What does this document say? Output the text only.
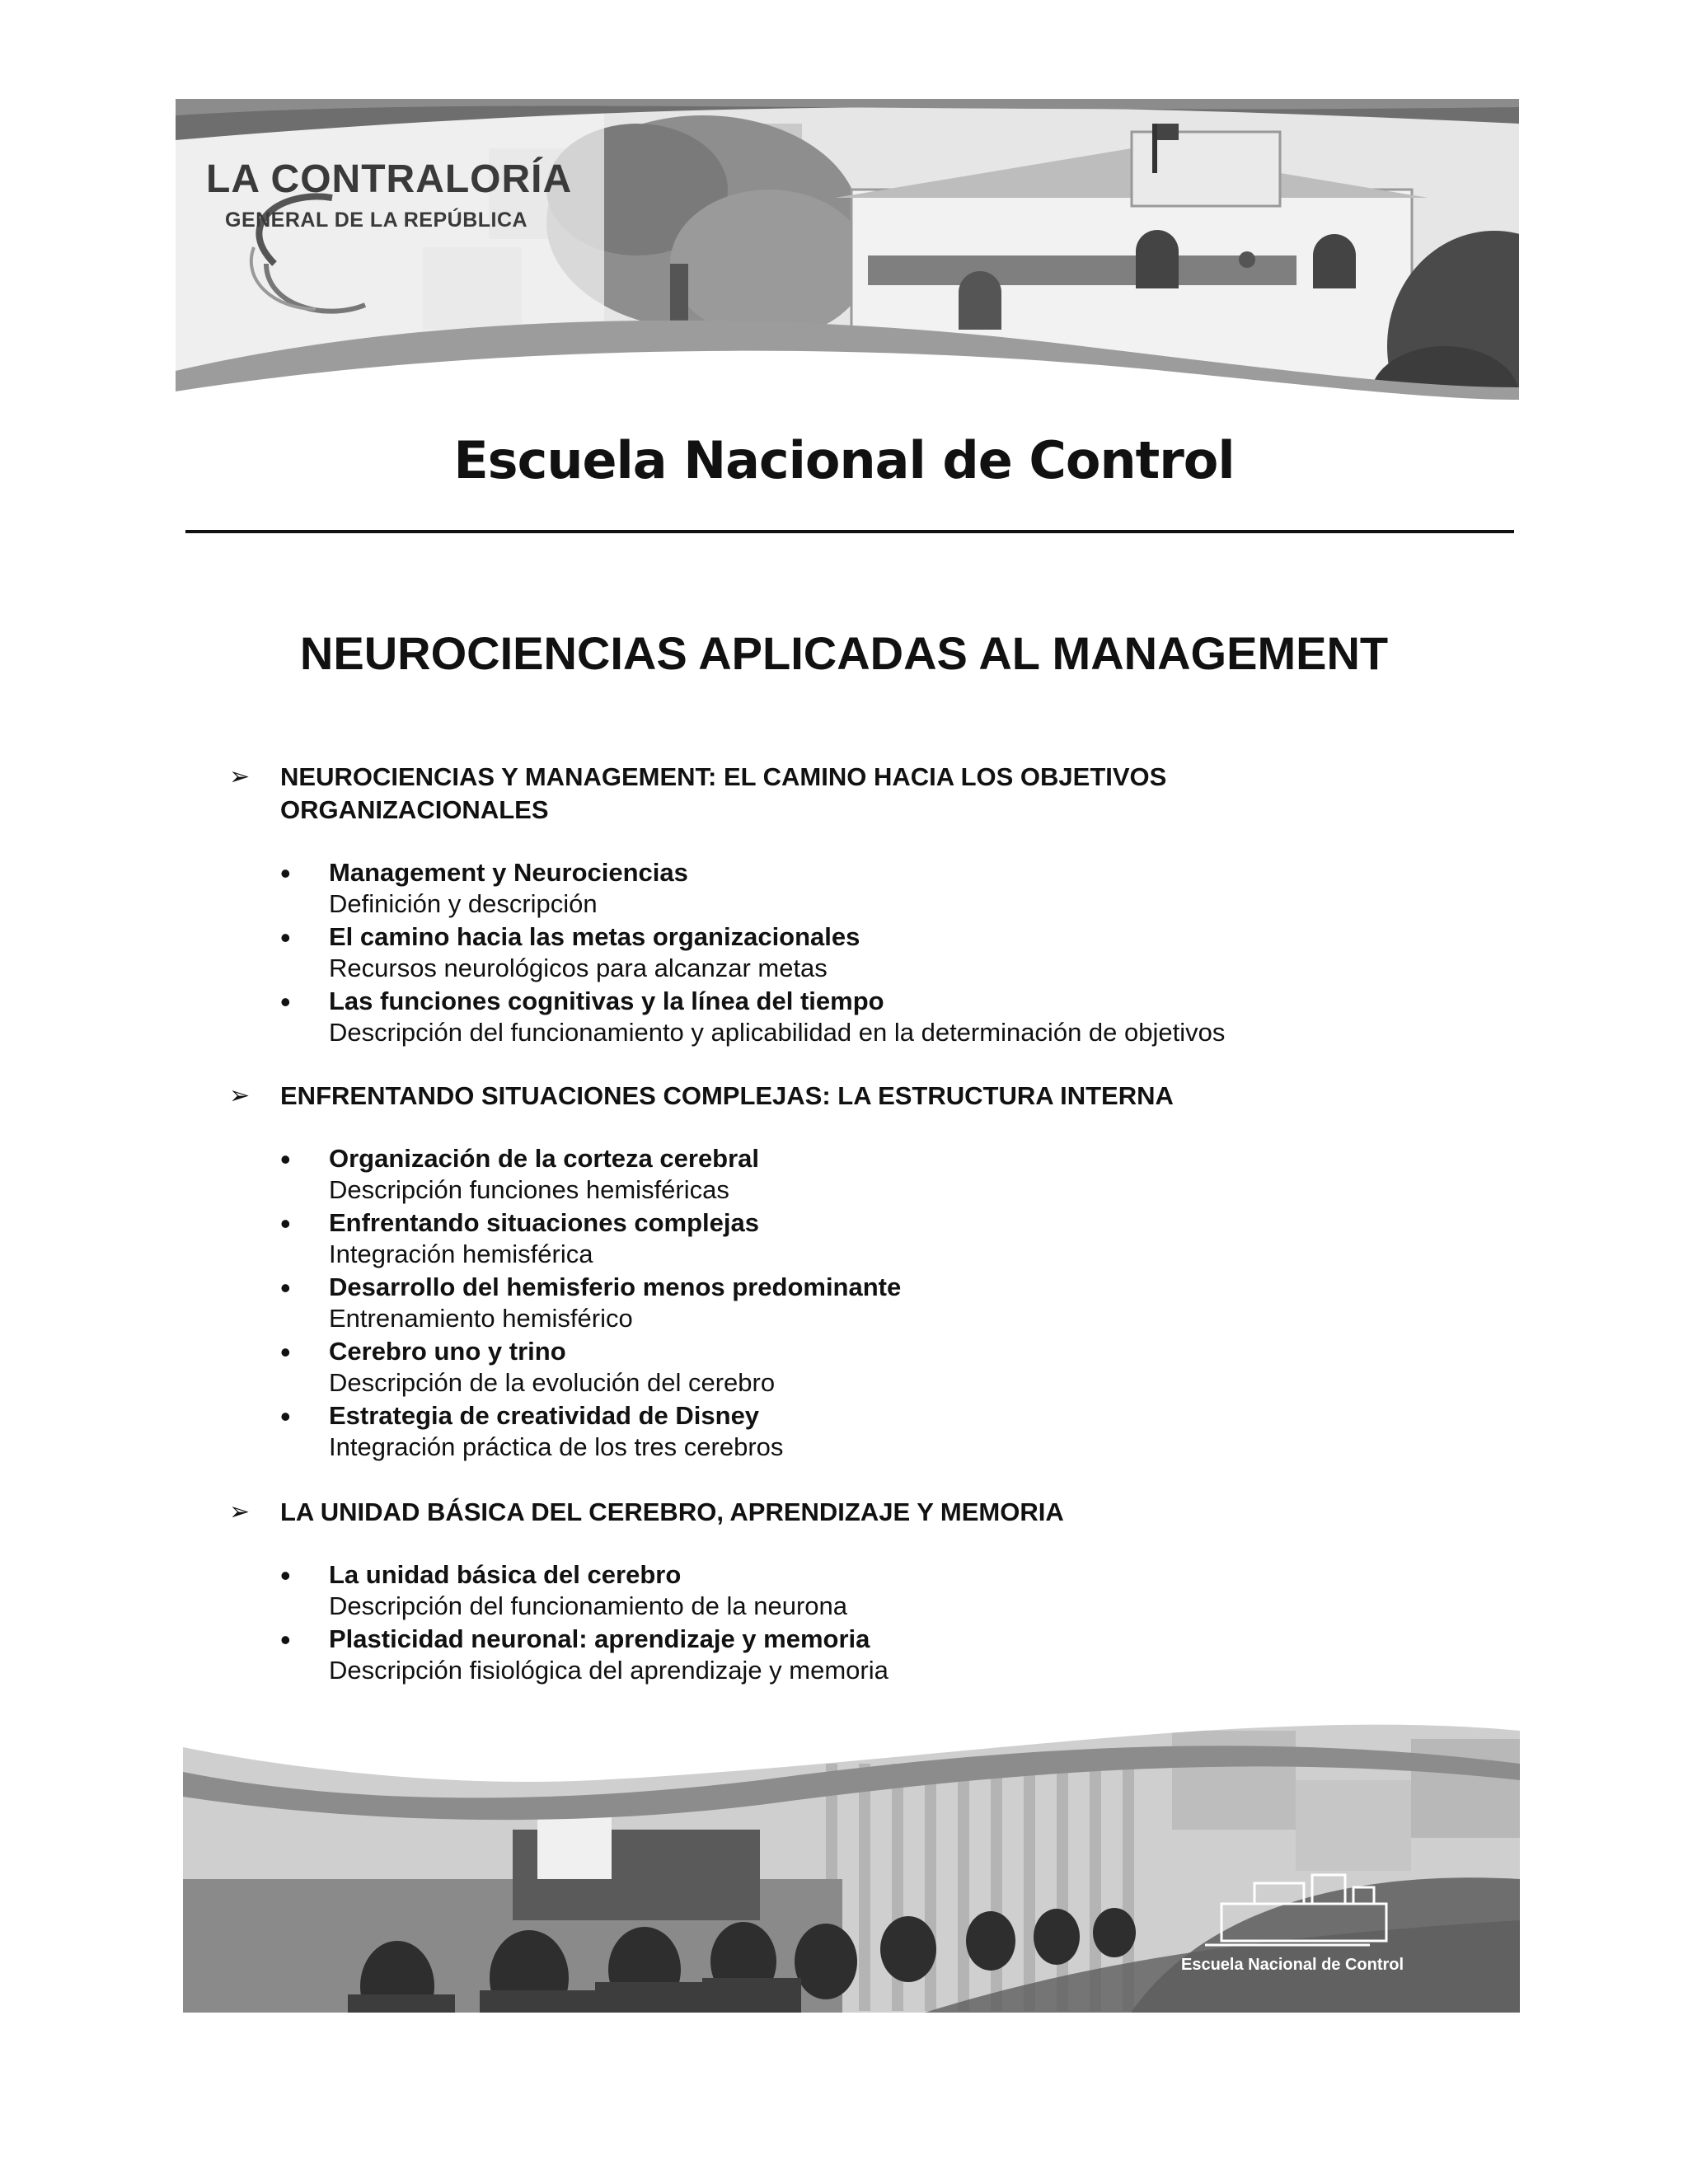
LA CONTRALORÍA
GENERAL DE LA REPÚBLICA
Escuela Nacional de Control
NEUROCIENCIAS APLICADAS AL MANAGEMENT
➢ NEUROCIENCIAS Y MANAGEMENT: EL CAMINO HACIA LOS OBJETIVOS
ORGANIZACIONALES
• Management y Neurociencias
Definición y descripción
• El camino hacia las metas organizacionales
Recursos neurológicos para alcanzar metas
• Las funciones cognitivas y la línea del tiempo
Descripción del funcionamiento y aplicabilidad en la determinación de objetivos
➢ ENFRENTANDO SITUACIONES COMPLEJAS: LA ESTRUCTURA INTERNA
• Organización de la corteza cerebral
Descripción funciones hemisféricas
• Enfrentando situaciones complejas
Integración hemisférica
• Desarrollo del hemisferio menos predominante
Entrenamiento hemisférico
• Cerebro uno y trino
Descripción de la evolución del cerebro
• Estrategia de creatividad de Disney
Integración práctica de los tres cerebros
➢ LA UNIDAD BÁSICA DEL CEREBRO, APRENDIZAJE Y MEMORIA
• La unidad básica del cerebro
Descripción del funcionamiento de la neurona
• Plasticidad neuronal: aprendizaje y memoria
Descripción fisiológica del aprendizaje y memoria
Escuela Nacional de Control
